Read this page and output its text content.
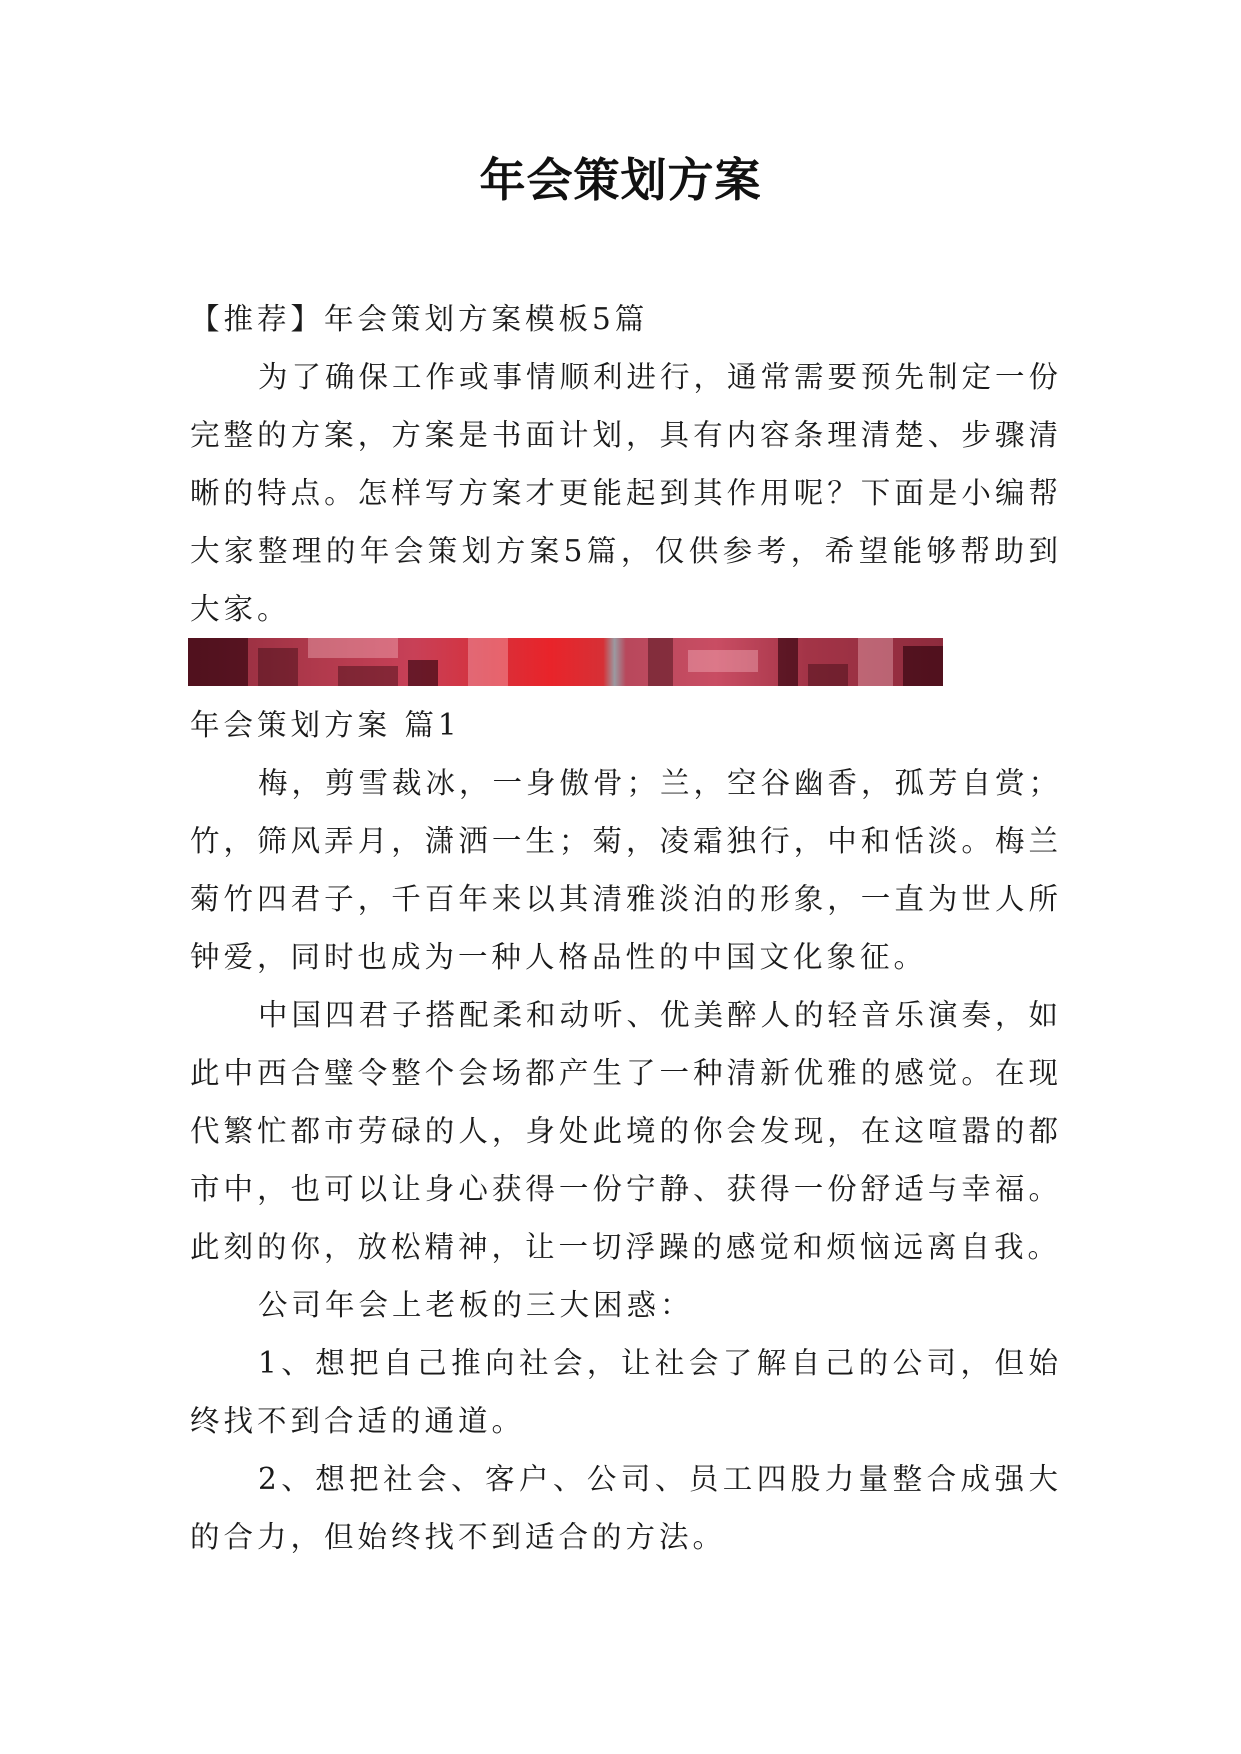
年会策划方案

【推荐】年会策划方案模板5篇

为了确保工作或事情顺利进行，通常需要预先制定一份完整的方案，方案是书面计划，具有内容条理清楚、步骤清晰的特点。怎样写方案才更能起到其作用呢？下面是小编帮大家整理的年会策划方案5篇，仅供参考，希望能够帮助到大家。

年会策划方案 篇1

梅，剪雪裁冰，一身傲骨；兰，空谷幽香，孤芳自赏；竹，筛风弄月，潇洒一生；菊，凌霜独行，中和恬淡。梅兰菊竹四君子，千百年来以其清雅淡泊的形象，一直为世人所钟爱，同时也成为一种人格品性的中国文化象征。

中国四君子搭配柔和动听、优美醉人的轻音乐演奏，如此中西合璧令整个会场都产生了一种清新优雅的感觉。在现代繁忙都市劳碌的人，身处此境的你会发现，在这喧嚣的都市中，也可以让身心获得一份宁静、获得一份舒适与幸福。此刻的你，放松精神，让一切浮躁的感觉和烦恼远离自我。

公司年会上老板的三大困惑：

1、想把自己推向社会，让社会了解自己的公司，但始终找不到合适的通道。

2、想把社会、客户、公司、员工四股力量整合成强大的合力，但始终找不到适合的方法。
